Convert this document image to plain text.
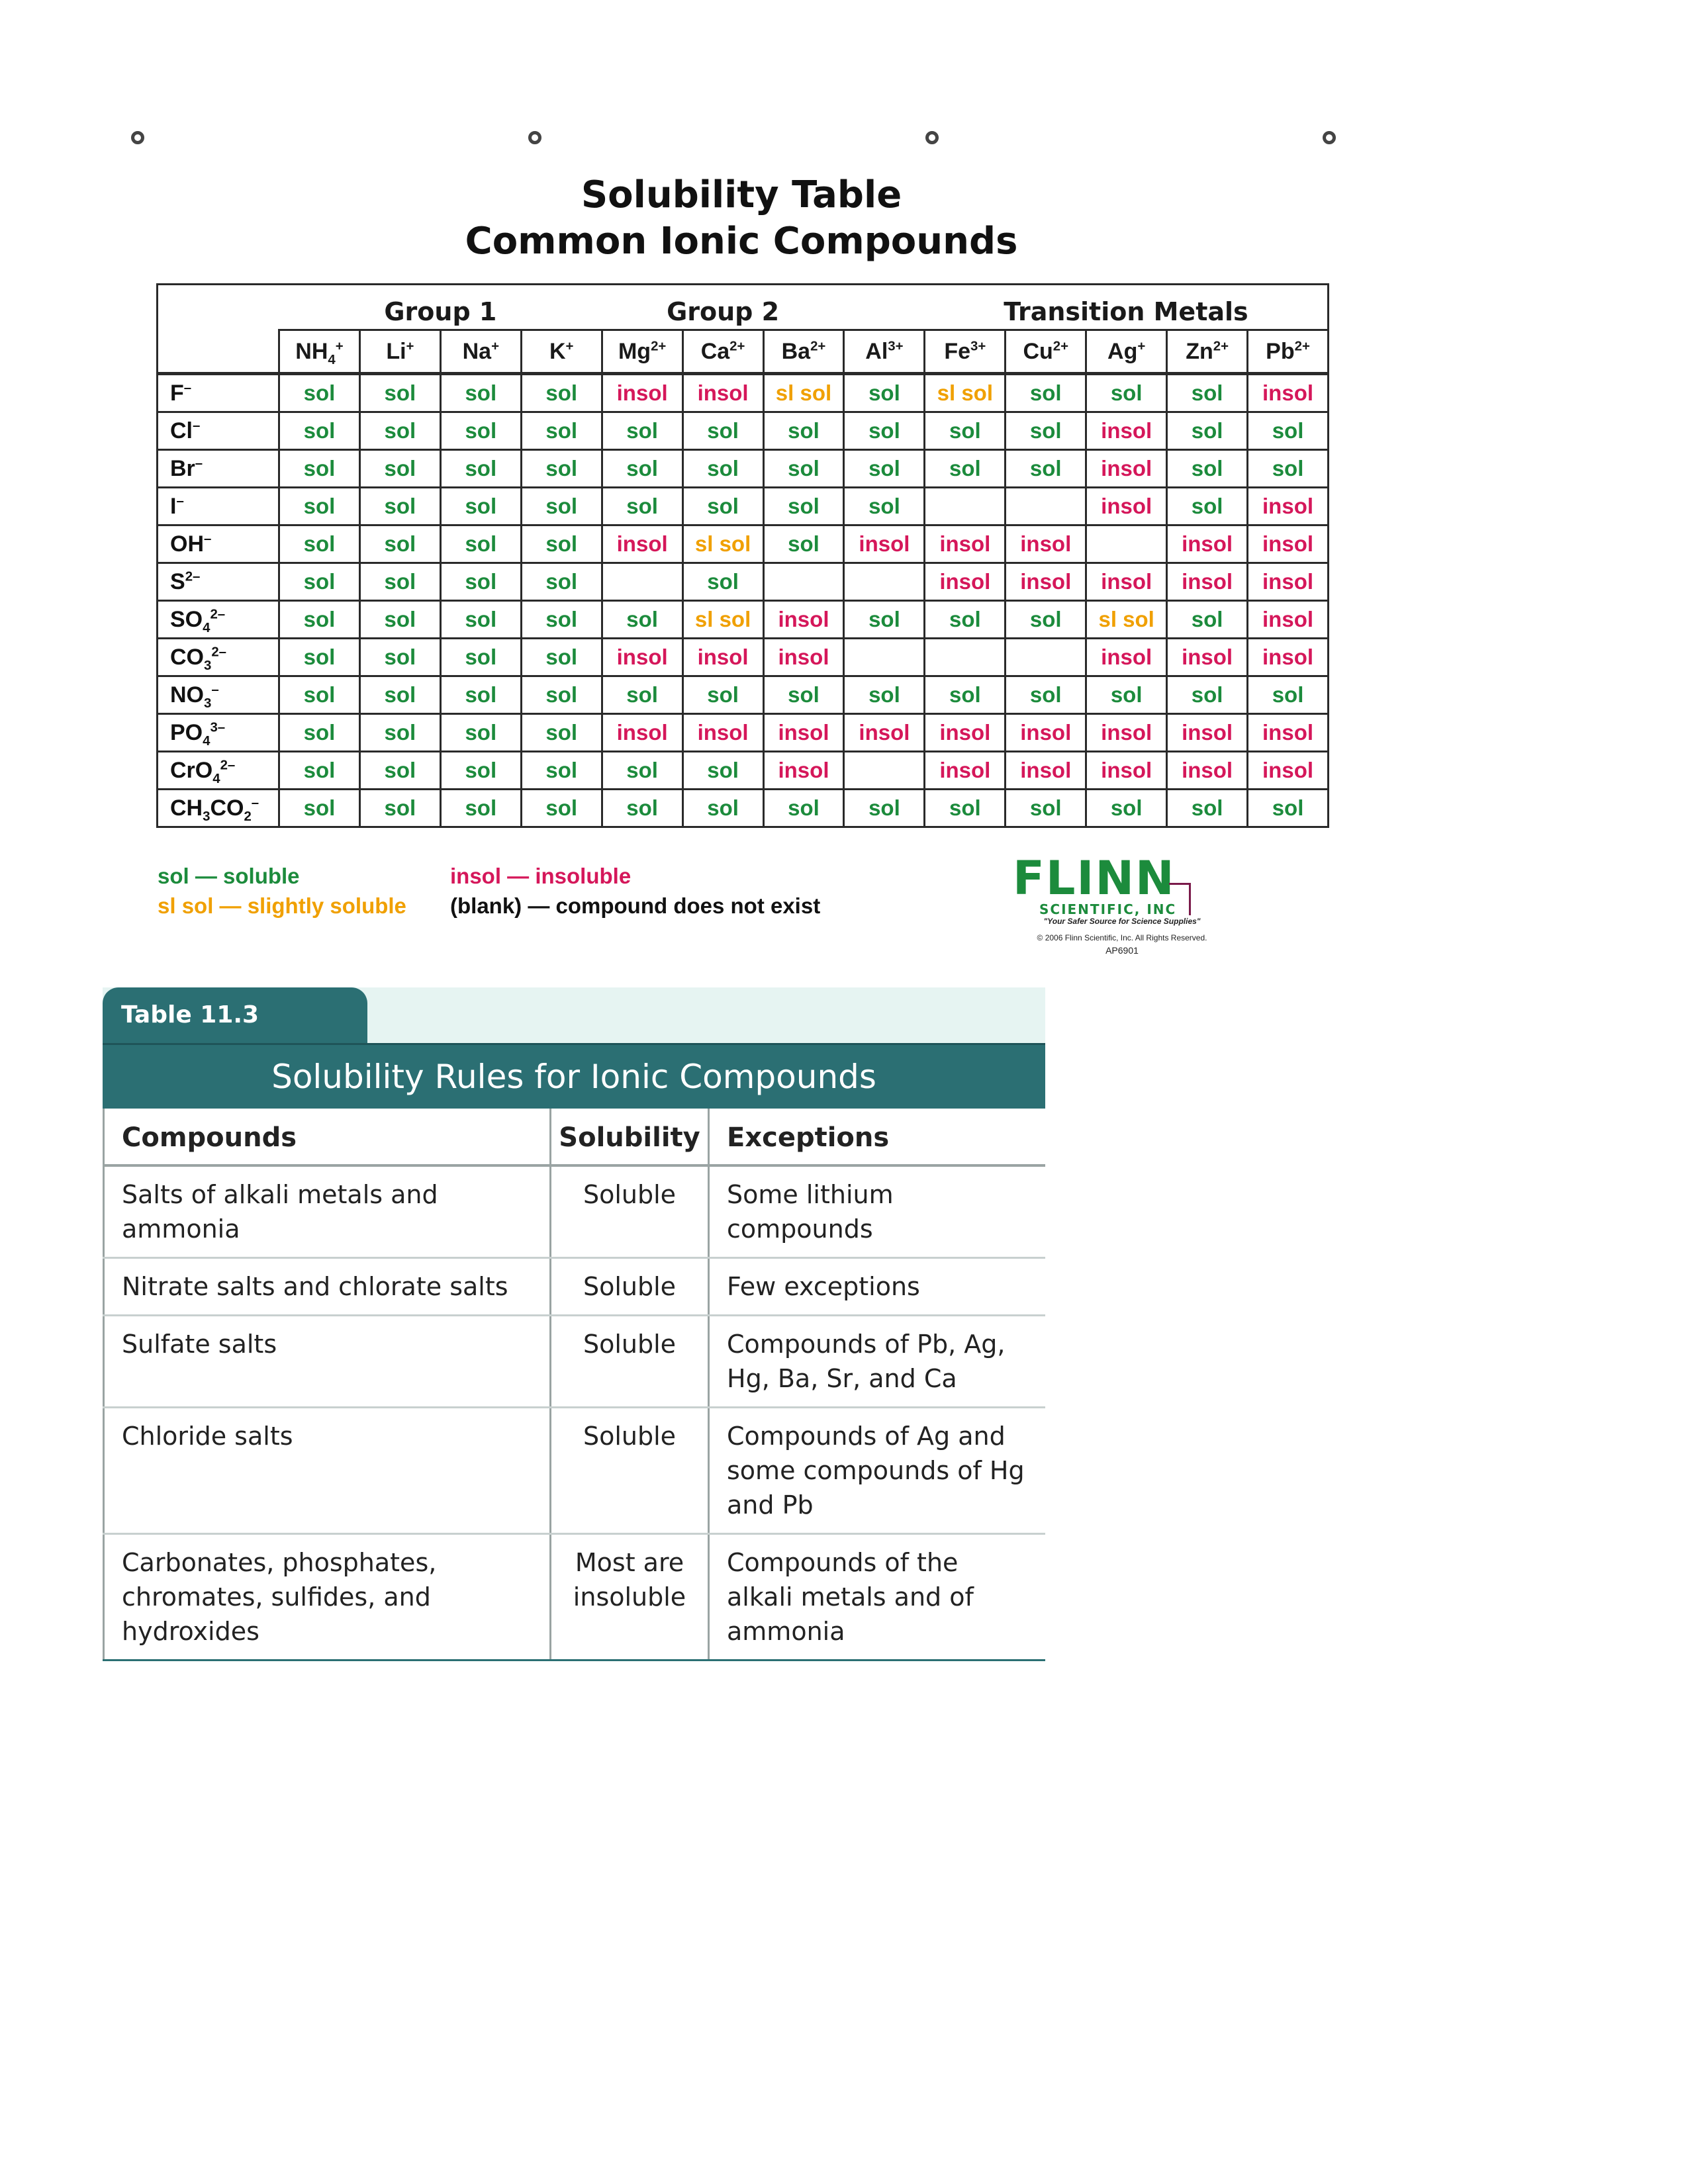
Solubility Table
Common Ionic Compounds
	Group 1				Group 2				Transition Metals				
	$NH_4^+$	Li+	Na+	K+	$Mg^{2+}$	$Ca^{2+}$	$Ba^{2+}$	$Al^{3+}$	$Fe^{3+}$	$Cu^{2+}$	Ag+	$Zn^{2+}$	$Pb^{2+}$
F–	sol	sol	sol	sol	insol	insol	sl sol	sol	sl sol	sol	sol	sol	insol
Cl–	sol	sol	sol	sol	sol	sol	sol	sol	sol	sol	insol	sol	sol
Br–	sol	sol	sol	sol	sol	sol	sol	sol	sol	sol	insol	sol	sol
I–	sol	sol	sol	sol	sol	sol	sol	sol			insol	sol	insol
OH–	sol	sol	sol	sol	insol	sl sol	sol	insol	insol	insol		insol	insol
$S^{2-}$	sol	sol	sol	sol		sol			insol	insol	insol	insol	insol
$SO_4^{2-}$	sol	sol	sol	sol	sol	sl sol	insol	sol	sol	sol	sl sol	sol	insol
$CO_3^{2-}$	sol	sol	sol	sol	insol	insol	insol				insol	insol	insol
$NO_3^-$	sol	sol	sol	sol	sol	sol	sol	sol	sol	sol	sol	sol	sol
$PO_4^{3-}$	sol	sol	sol	sol	insol	insol	insol	insol	insol	insol	insol	insol	insol
CrO$_4^{2-}$	sol	sol	sol	sol	sol	sol	insol		insol	insol	insol	insol	insol
$CH_3CO_2^-$	sol	sol	sol	sol	sol	sol	sol	sol	sol	sol	sol	sol	sol
sol — soluble
sl sol — slightly soluble
insol — insoluble
(blank) — compound does not exist
FLINN
SCIENTIFIC, INC
"Your Safer Source for Science Supplies"
© 2006 Flinn Scientific, Inc. All Rights Reserved.
AP6901
Table 11.3
Solubility Rules for Ionic Compounds
Compounds	Solubility	Exceptions
Salts of alkali metals and ammonia	Soluble	Some lithium compounds
Nitrate salts and chlorate salts	Soluble	Few exceptions
Sulfate salts	Soluble	Compounds of Pb, Ag, Hg, Ba, Sr, and Ca
Chloride salts	Soluble	Compounds of Ag and some compounds of Hg and Pb
Carbonates, phosphates, chromates, sulfides, and hydroxides	Most are insoluble	Compounds of the alkali metals and of ammonia
